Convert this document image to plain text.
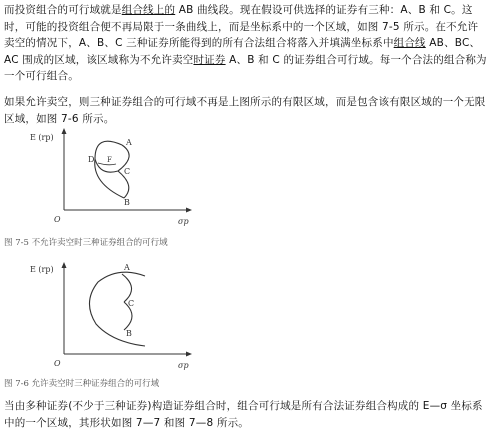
而投资组合的可行域就是组合线上的 AB 曲线段。现在假设可供选择的证券有三种：A、B 和 C。这时，可能的投资组合便不再局限于一条曲线上，而是坐标系中的一个区域，如图 7-5 所示。在不允许卖空的情况下，A、B、C 三种证券所能得到的所有合法组合将落入并填满坐标系中组合线 AB、BC、AC 围成的区域，该区域称为不允许卖空时证券 A、B 和 C 的证券组合可行域。每一个合法的组合称为一个可行组合。

如果允许卖空，则三种证券组合的可行域不再是上图所示的有限区域，而是包含该有限区域的一个无限区域，如图 7-6 所示。

E (rp)
σp
O
A
B
C
D F
图 7-5 不允许卖空时三种证券组合的可行域
E (rp)
σp
O
A
B
C
图 7-6 允许卖空时三种证券组合的可行域

当由多种证券(不少于三种证券)构造证券组合时，组合可行域是所有合法证券组合构成的 E—σ 坐标系中的一个区域，其形状如图 7—7 和图 7—8 所示。
